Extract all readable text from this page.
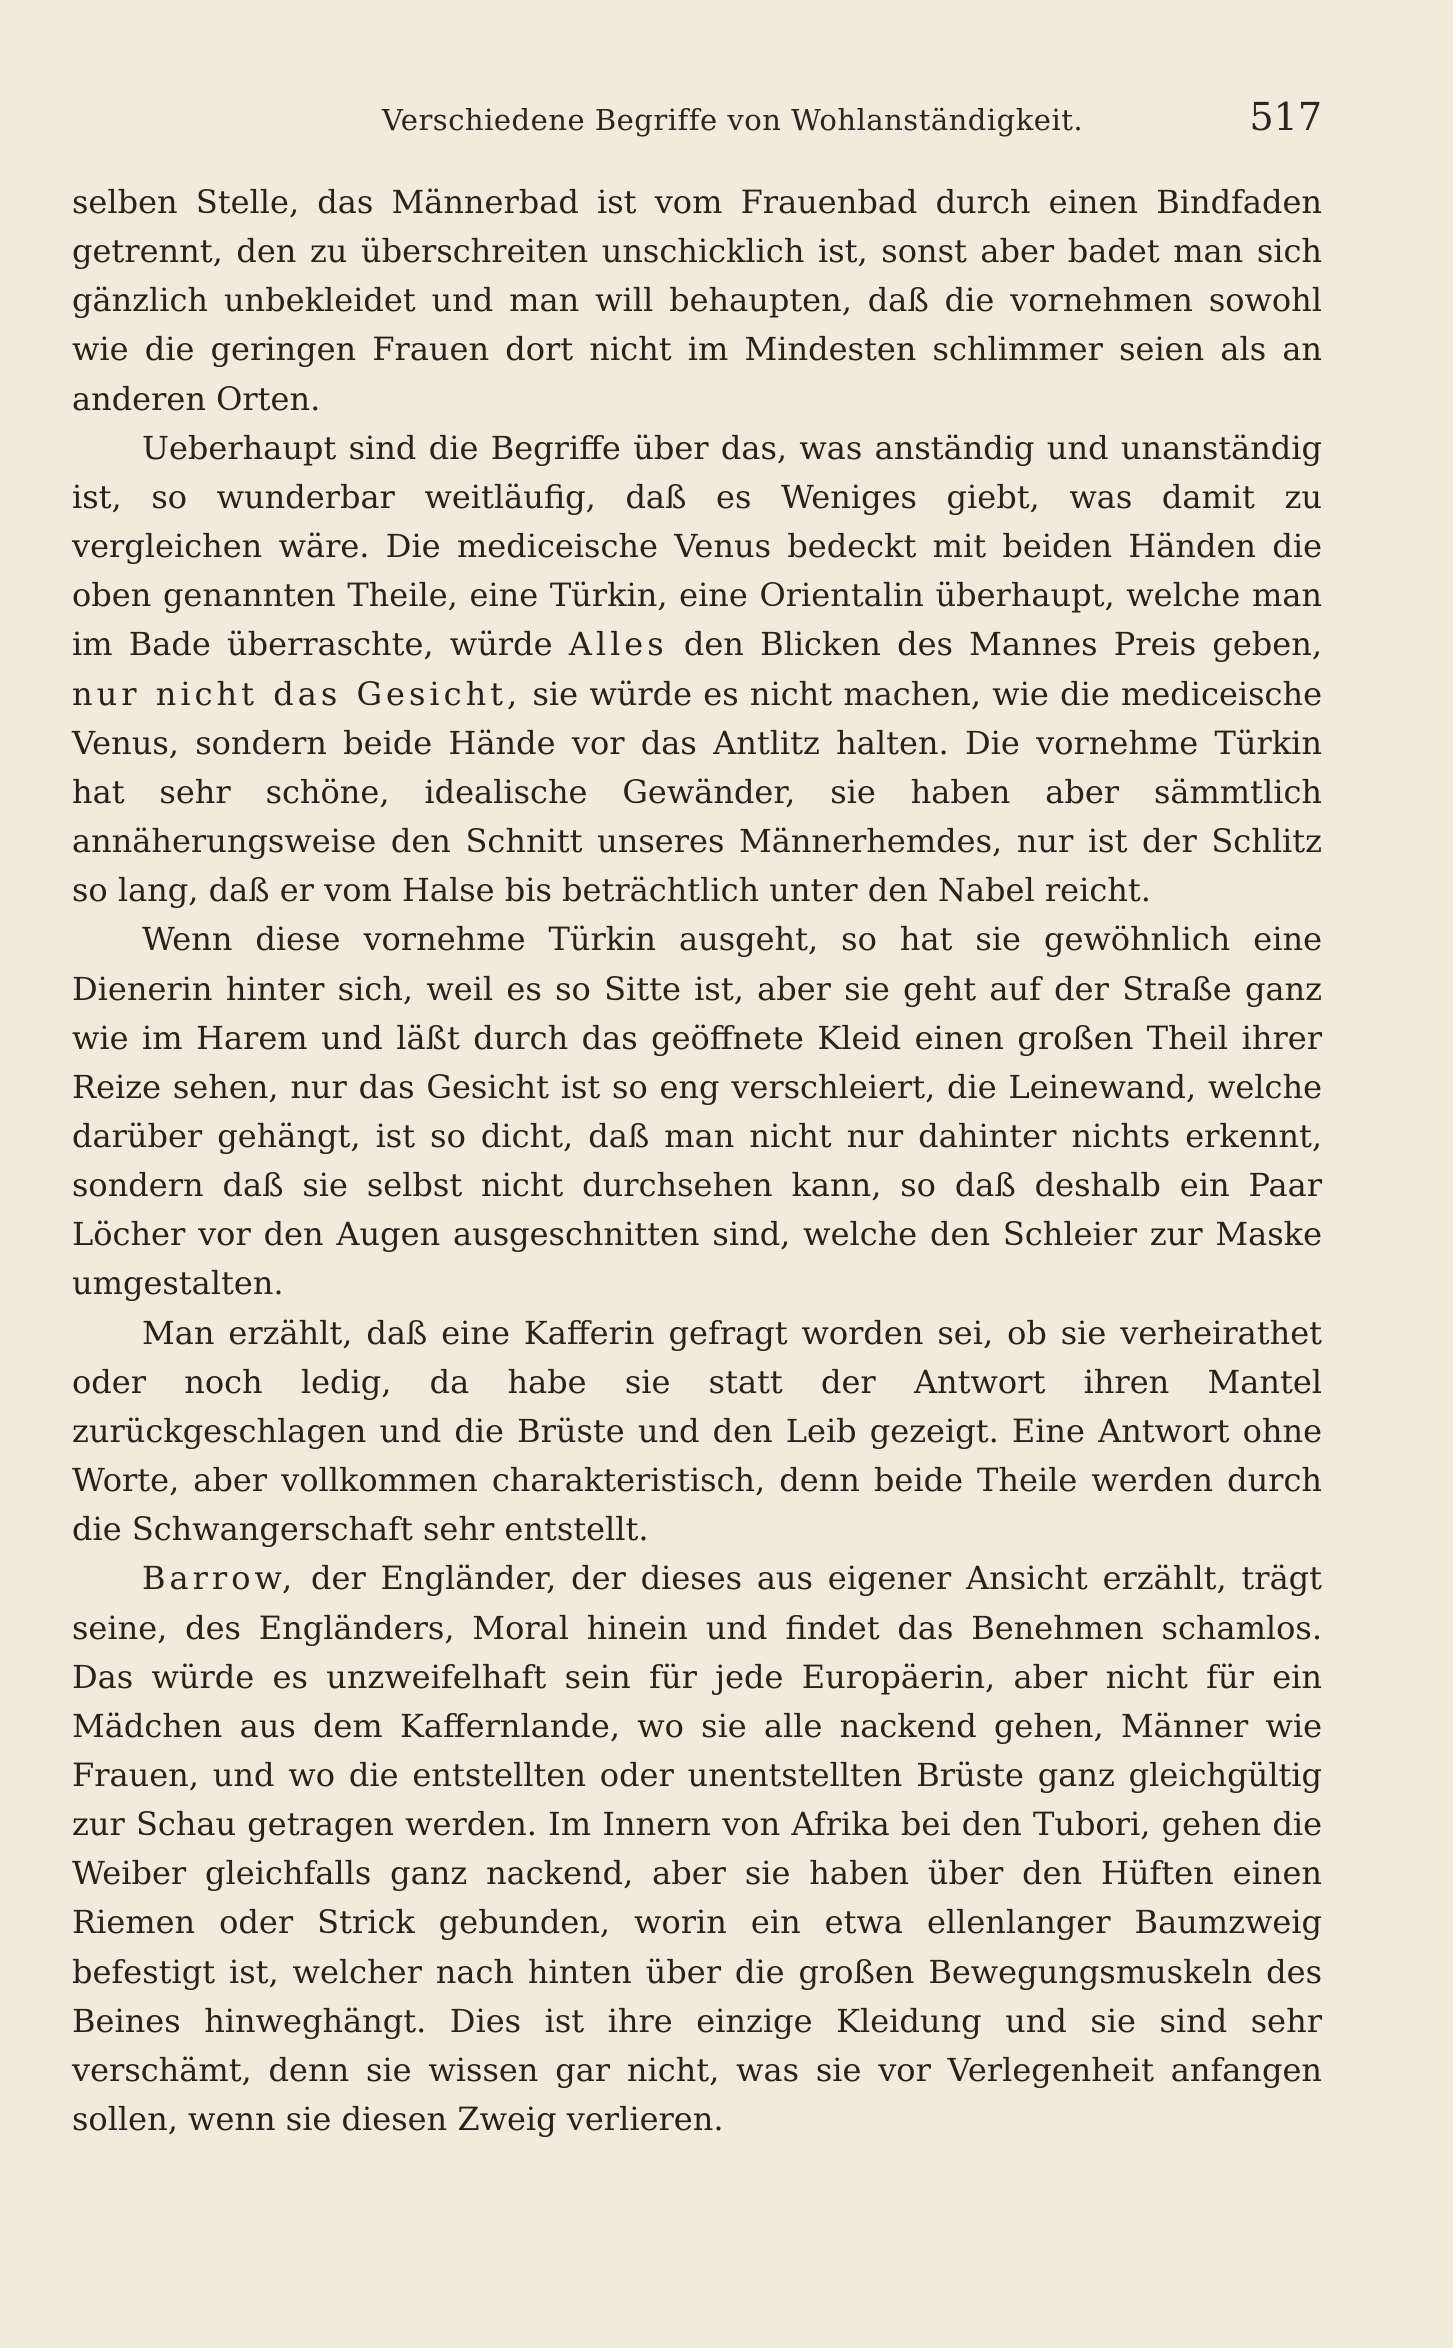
Verschiedene Begriffe von Wohlanständigkeit.	517

selben Stelle, das Männerbad ist vom Frauenbad durch einen Bindfaden getrennt, den zu überschreiten unschicklich ist, sonst aber badet man sich gänzlich unbekleidet und man will behaupten, daß die vornehmen sowohl wie die geringen Frauen dort nicht im Mindesten schlimmer seien als an anderen Orten.

Ueberhaupt sind die Begriffe über das, was anständig und unanständig ist, so wunderbar weitläufig, daß es Weniges giebt, was damit zu vergleichen wäre. Die mediceische Venus bedeckt mit beiden Händen die oben genannten Theile, eine Türkin, eine Orientalin überhaupt, welche man im Bade überraschte, würde Alles den Blicken des Mannes Preis geben, nur nicht das Gesicht, sie würde es nicht machen, wie die mediceische Venus, sondern beide Hände vor das Antlitz halten. Die vornehme Türkin hat sehr schöne, idealische Gewänder, sie haben aber sämmtlich annäherungsweise den Schnitt unseres Männerhemdes, nur ist der Schlitz so lang, daß er vom Halse bis beträchtlich unter den Nabel reicht.

Wenn diese vornehme Türkin ausgeht, so hat sie gewöhnlich eine Dienerin hinter sich, weil es so Sitte ist, aber sie geht auf der Straße ganz wie im Harem und läßt durch das geöffnete Kleid einen großen Theil ihrer Reize sehen, nur das Gesicht ist so eng verschleiert, die Leinewand, welche darüber gehängt, ist so dicht, daß man nicht nur dahinter nichts erkennt, sondern daß sie selbst nicht durchsehen kann, so daß deshalb ein Paar Löcher vor den Augen ausgeschnitten sind, welche den Schleier zur Maske umgestalten.

Man erzählt, daß eine Kafferin gefragt worden sei, ob sie verheirathet oder noch ledig, da habe sie statt der Antwort ihren Mantel zurückgeschlagen und die Brüste und den Leib gezeigt. Eine Antwort ohne Worte, aber vollkommen charakteristisch, denn beide Theile werden durch die Schwangerschaft sehr entstellt.

Barrow, der Engländer, der dieses aus eigener Ansicht erzählt, trägt seine, des Engländers, Moral hinein und findet das Benehmen schamlos. Das würde es unzweifelhaft sein für jede Europäerin, aber nicht für ein Mädchen aus dem Kaffernlande, wo sie alle nackend gehen, Männer wie Frauen, und wo die entstellten oder unentstellten Brüste ganz gleichgültig zur Schau getragen werden. Im Innern von Afrika bei den Tubori, gehen die Weiber gleichfalls ganz nackend, aber sie haben über den Hüften einen Riemen oder Strick gebunden, worin ein etwa ellenlanger Baumzweig befestigt ist, welcher nach hinten über die großen Bewegungsmuskeln des Beines hinweghängt. Dies ist ihre einzige Kleidung und sie sind sehr verschämt, denn sie wissen gar nicht, was sie vor Verlegenheit anfangen sollen, wenn sie diesen Zweig verlieren.
